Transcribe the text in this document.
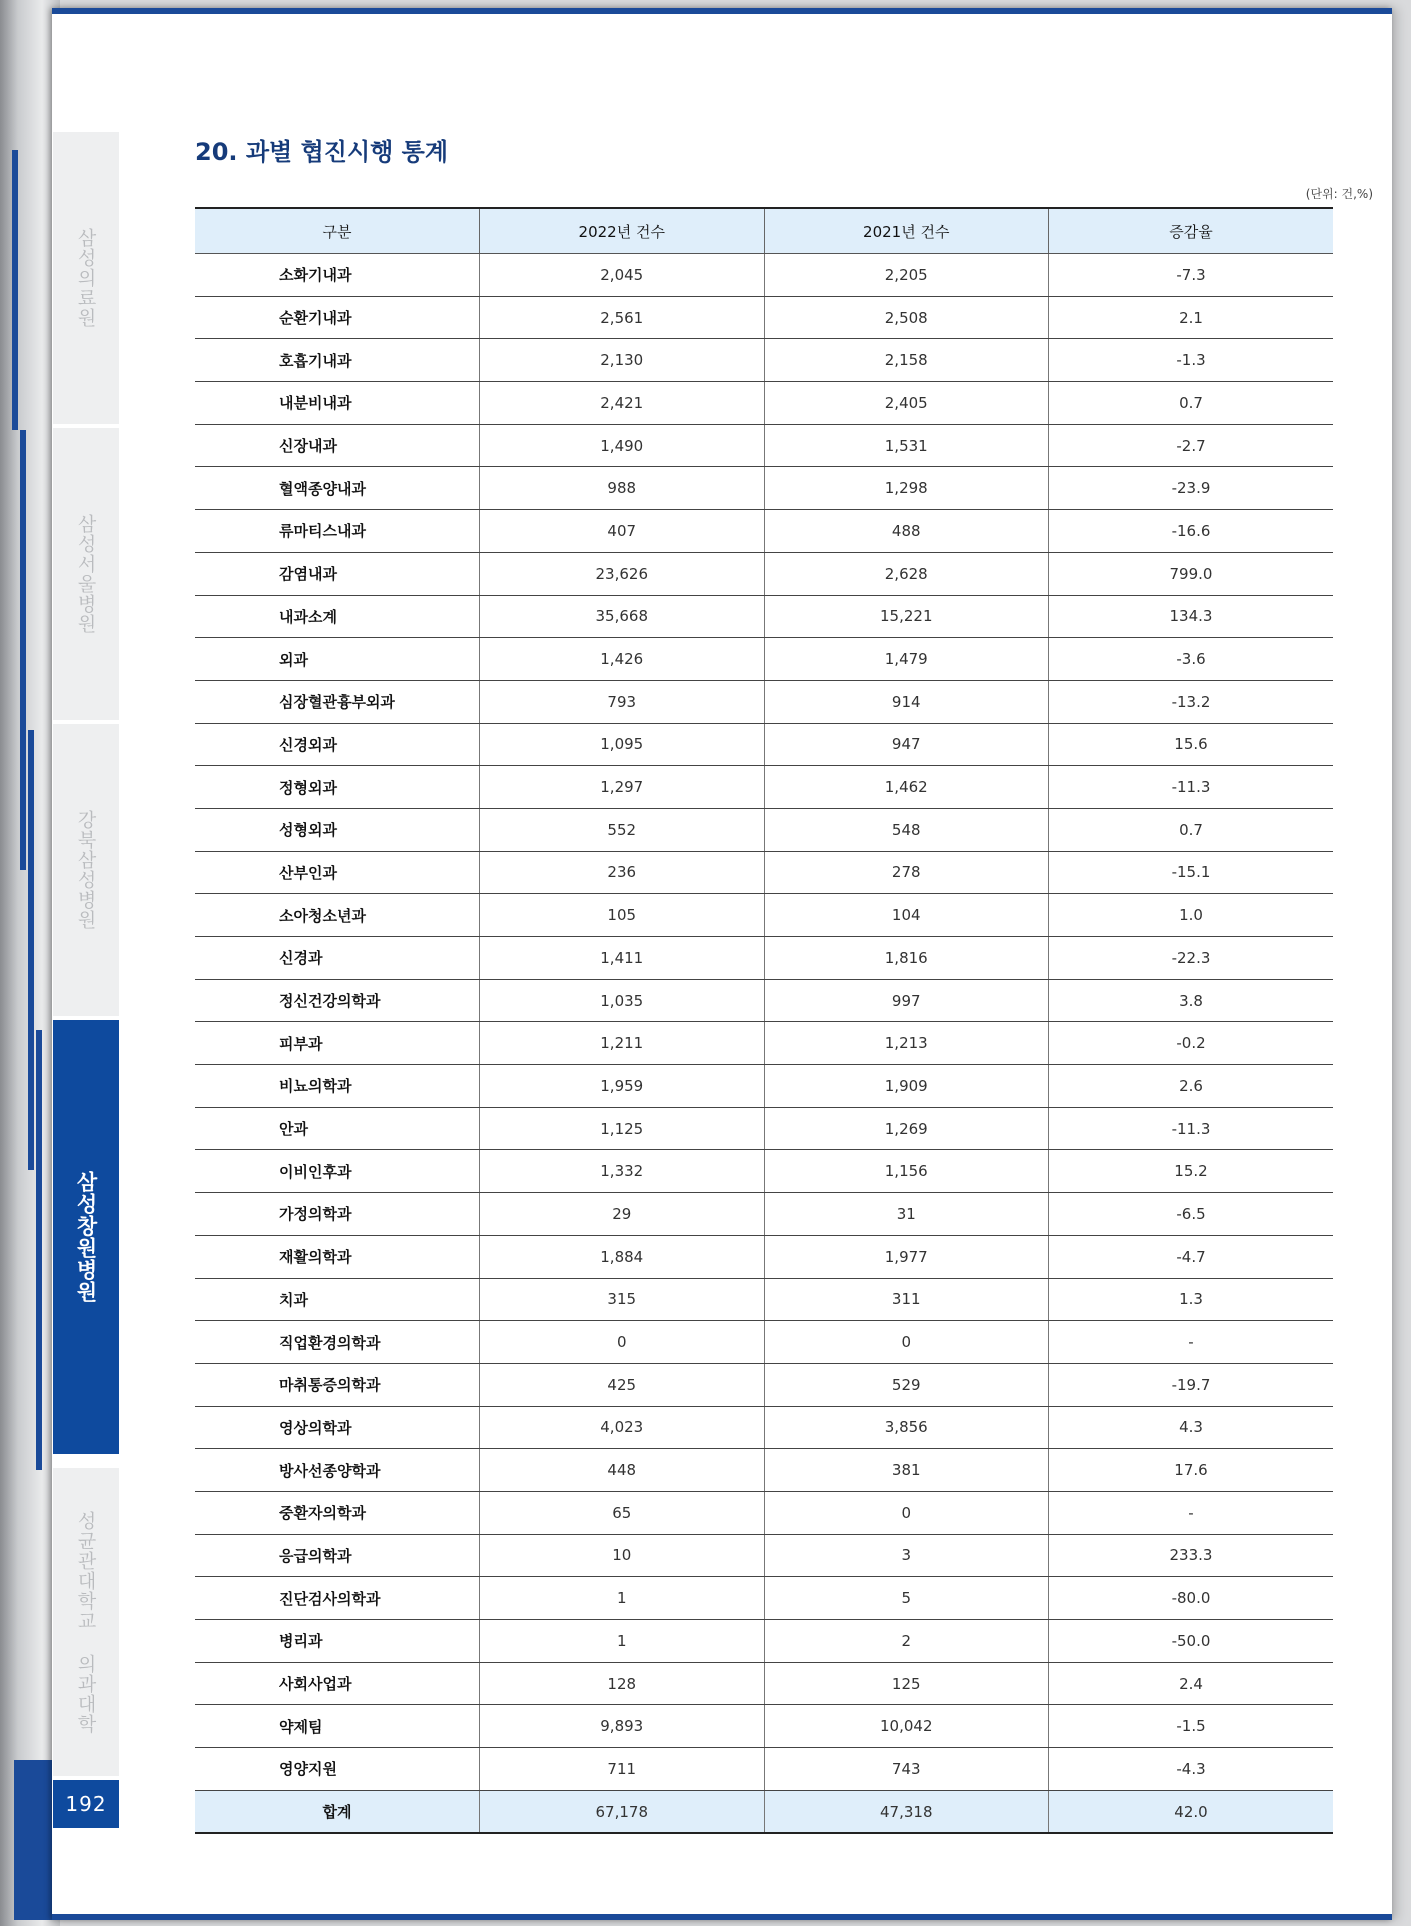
삼성의료원
삼성서울병원
강북삼성병원
삼성창원병원
성균관대학교 의과대학
192
20. 과별 협진시행 통계
(단위: 건,%)
구분	2022년 건수	2021년 건수	증감율
소화기내과	2,045	2,205	-7.3
순환기내과	2,561	2,508	2.1
호흡기내과	2,130	2,158	-1.3
내분비내과	2,421	2,405	0.7
신장내과	1,490	1,531	-2.7
혈액종양내과	988	1,298	-23.9
류마티스내과	407	488	-16.6
감염내과	23,626	2,628	799.0
내과소계	35,668	15,221	134.3
외과	1,426	1,479	-3.6
심장혈관흉부외과	793	914	-13.2
신경외과	1,095	947	15.6
정형외과	1,297	1,462	-11.3
성형외과	552	548	0.7
산부인과	236	278	-15.1
소아청소년과	105	104	1.0
신경과	1,411	1,816	-22.3
정신건강의학과	1,035	997	3.8
피부과	1,211	1,213	-0.2
비뇨의학과	1,959	1,909	2.6
안과	1,125	1,269	-11.3
이비인후과	1,332	1,156	15.2
가정의학과	29	31	-6.5
재활의학과	1,884	1,977	-4.7
치과	315	311	1.3
직업환경의학과	0	0	-
마취통증의학과	425	529	-19.7
영상의학과	4,023	3,856	4.3
방사선종양학과	448	381	17.6
중환자의학과	65	0	-
응급의학과	10	3	233.3
진단검사의학과	1	5	-80.0
병리과	1	2	-50.0
사회사업과	128	125	2.4
약제팀	9,893	10,042	-1.5
영양지원	711	743	-4.3
합계	67,178	47,318	42.0
